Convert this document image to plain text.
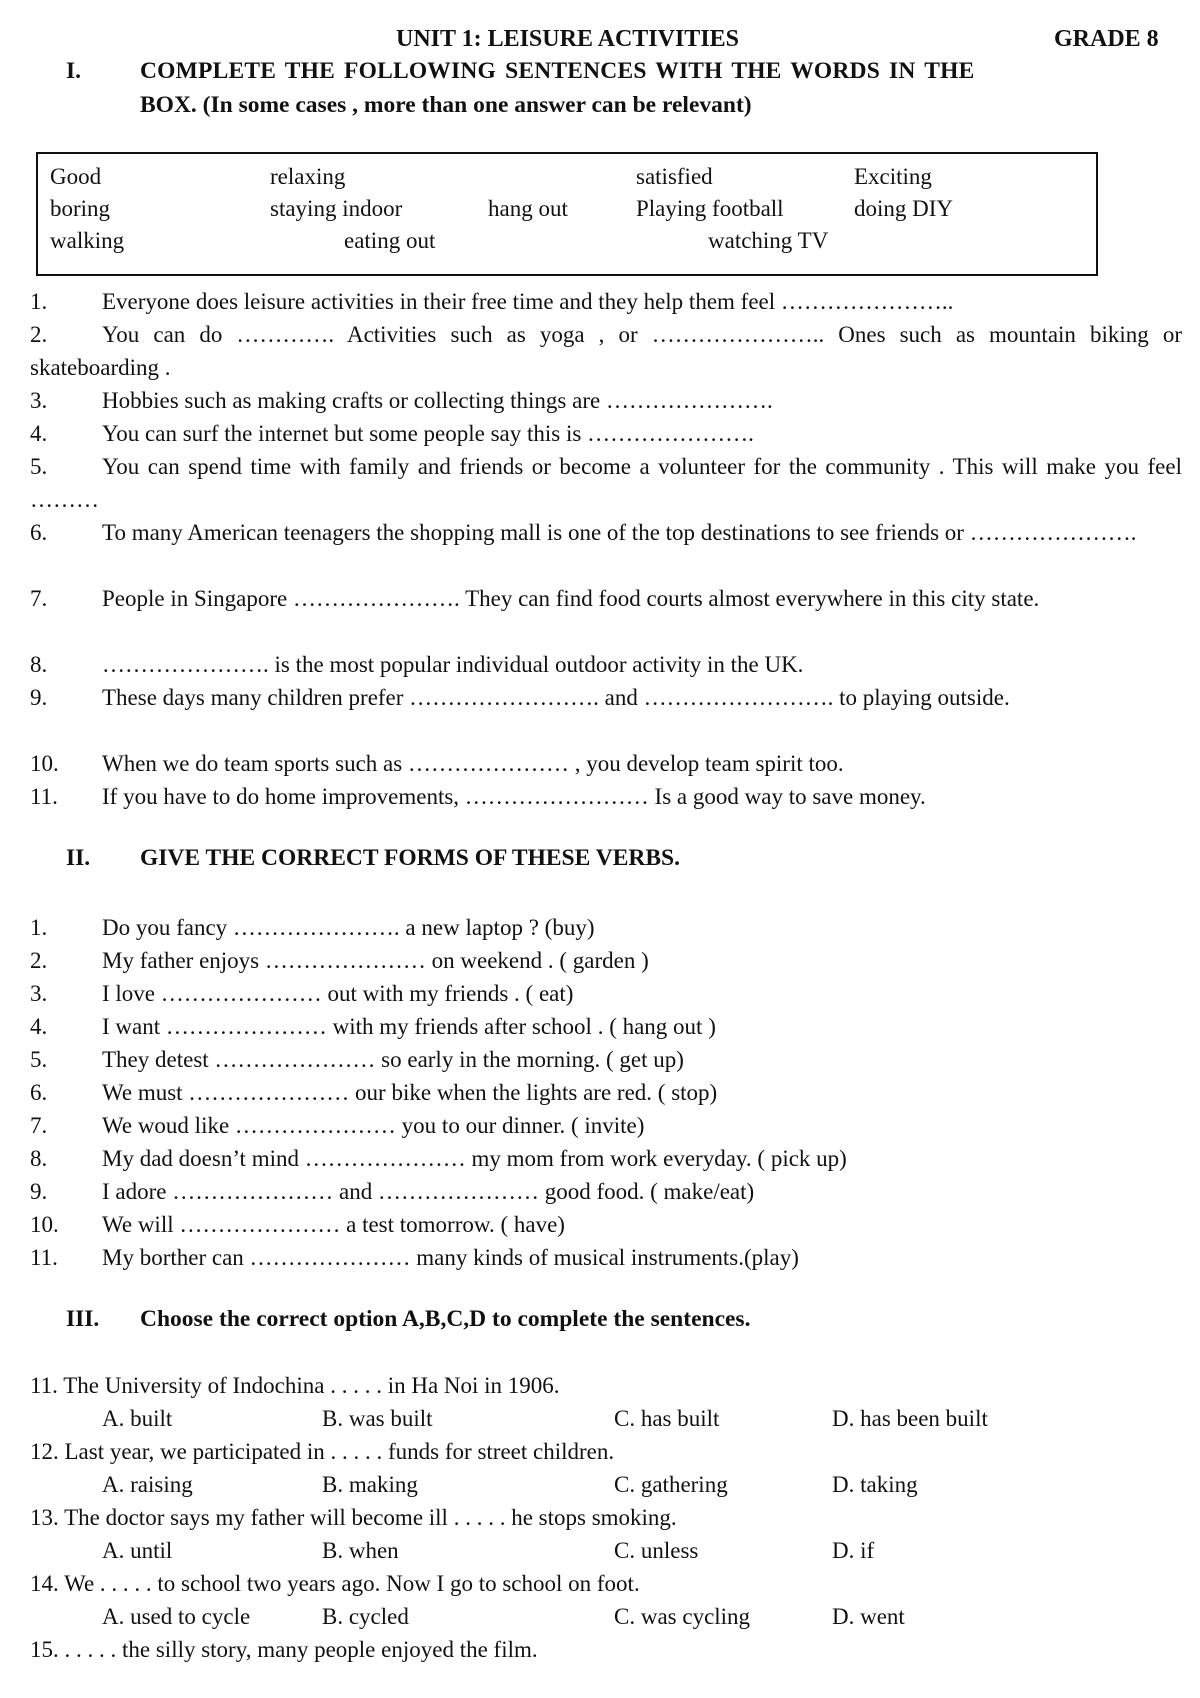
UNIT 1: LEISURE ACTIVITIES	GRADE 8
I.	COMPLETE THE FOLLOWING SENTENCES WITH THE WORDS IN THE
BOX. (In some cases , more than one answer can be relevant)
Good	relaxing	satisfied	Exciting
boring	staying indoor	hang out	Playing football	doing DIY
walking	eating out	watching TV
1.	Everyone does leisure activities in their free time and they help them feel …………………..
2.	You can do …………. Activities such as yoga , or ………………….. Ones such as mountain biking or skateboarding .
3.	Hobbies such as making crafts or collecting things are ………………….
4.	You can surf the internet but some people say this is ………………….
5.	You can spend time with family and friends or become a volunteer for the community . This will make you feel ………
6.	To many American teenagers the shopping mall is one of the top destinations to see friends or ………………….
7.	People in Singapore …………………. They can find food courts almost everywhere in this city state.
8.	…………………. is the most popular individual outdoor activity in the UK.
9.	These days many children prefer ……………………. and ……………………. to playing outside.
10.	When we do team sports such as ………………… , you develop team spirit too.
11.	If you have to do home improvements, …………………… Is a good way to save money.
II. GIVE THE CORRECT FORMS OF THESE VERBS.
1.	Do you fancy …………………. a new laptop ? (buy)
2.	My father enjoys ………………… on weekend . ( garden )
3.	I love ………………… out with my friends . ( eat)
4.	I want ………………… with my friends after school . ( hang out )
5.	They detest ………………… so early in the morning. ( get up)
6.	We must ………………… our bike when the lights are red. ( stop)
7.	We woud like ………………… you to our dinner. ( invite)
8.	My dad doesn’t mind ………………… my mom from work everyday. ( pick up)
9.	I adore ………………… and ………………… good food. ( make/eat)
10.	We will ………………… a test tomorrow. ( have)
11.	My borther can ………………… many kinds of musical instruments.(play)
III. Choose the correct option A,B,C,D to complete the sentences.
11. The University of Indochina . . . . . in Ha Noi in 1906.
A. built	B. was built	C. has built	D. has been built
12. Last year, we participated in . . . . . funds for street children.
A. raising	B. making	C. gathering	D. taking
13. The doctor says my father will become ill . . . . . he stops smoking.
A. until	B. when	C. unless	D. if
14. We . . . . . to school two years ago. Now I go to school on foot.
A. used to cycle	B. cycled	C. was cycling	D. went
15. . . . . . the silly story, many people enjoyed the film.
